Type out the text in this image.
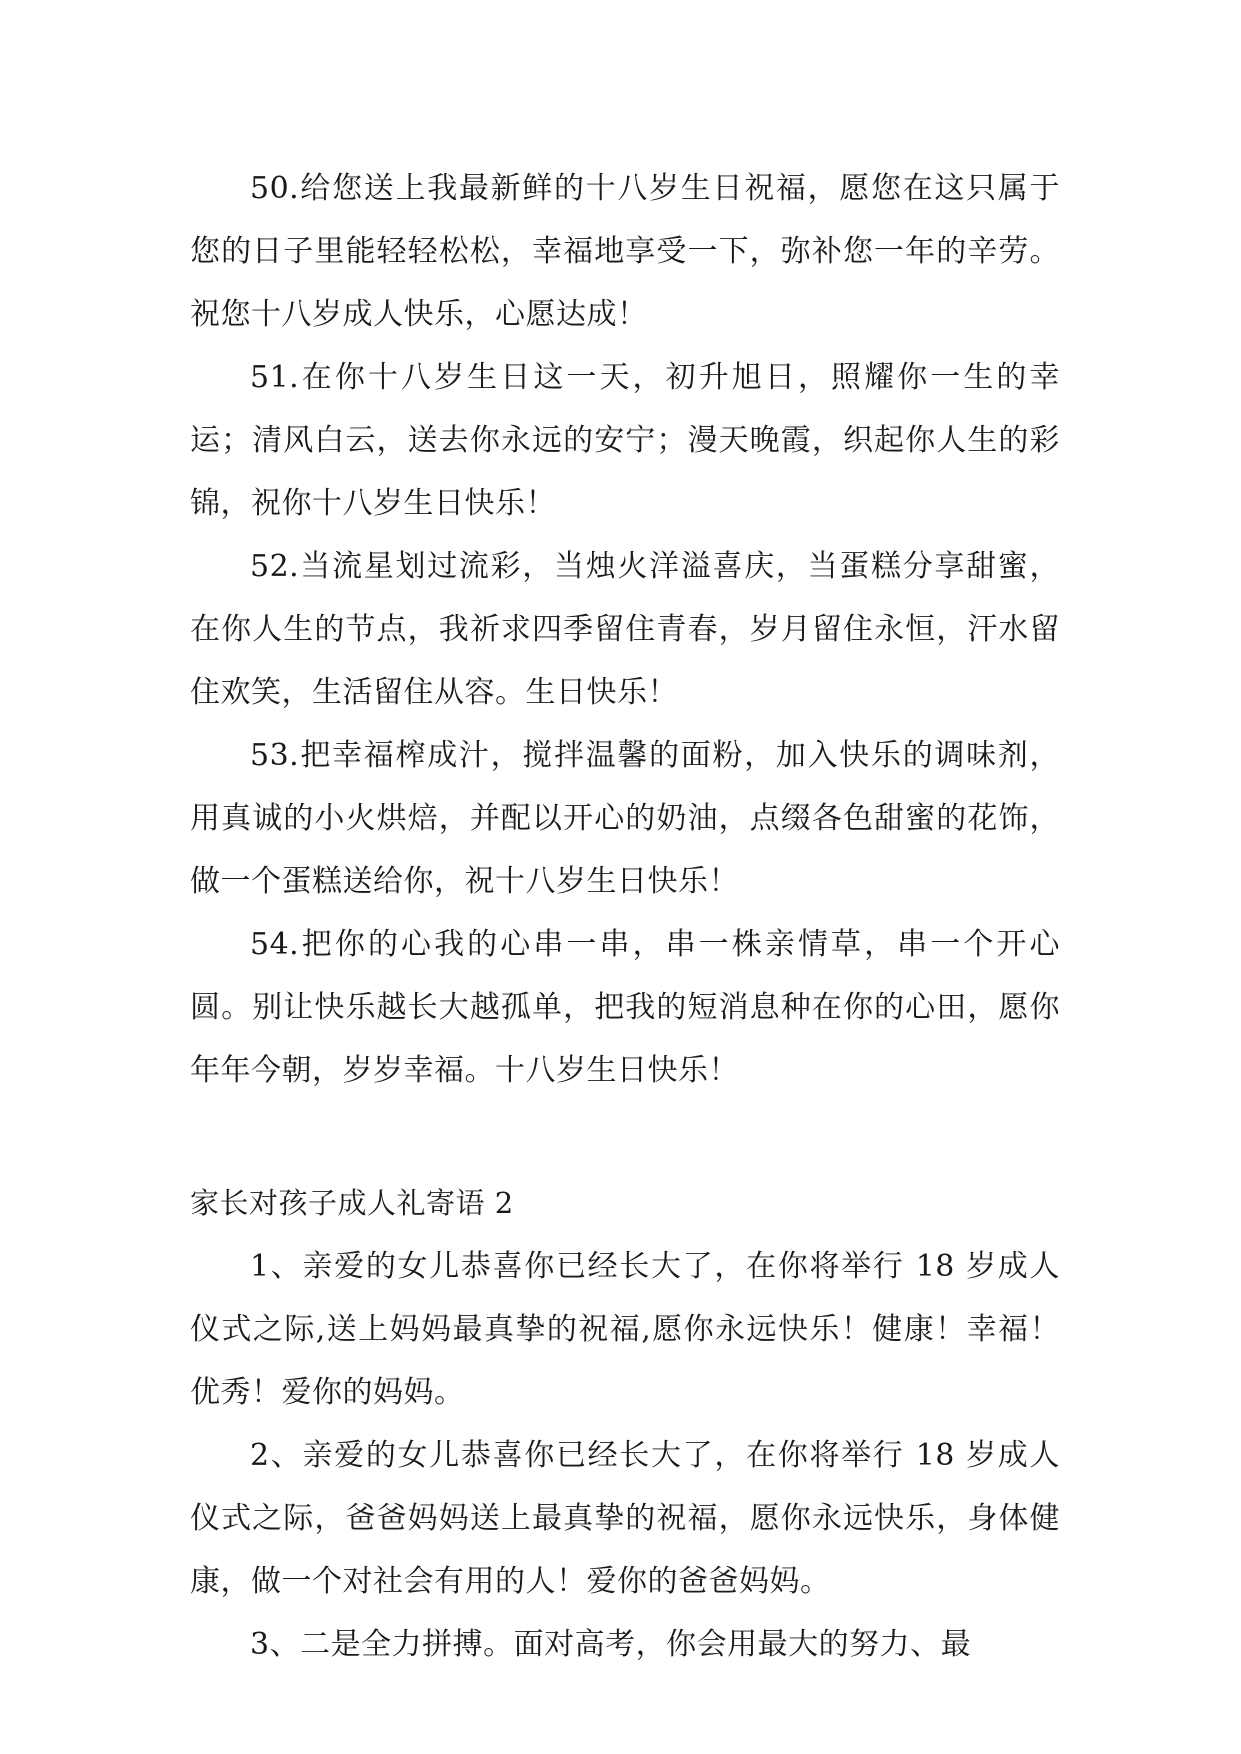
50.给您送上我最新鲜的十八岁生日祝福，愿您在这只属于您的日子里能轻轻松松，幸福地享受一下，弥补您一年的辛劳。祝您十八岁成人快乐，心愿达成！

51.在你十八岁生日这一天，初升旭日，照耀你一生的幸运；清风白云，送去你永远的安宁；漫天晚霞，织起你人生的彩锦，祝你十八岁生日快乐！

52.当流星划过流彩，当烛火洋溢喜庆，当蛋糕分享甜蜜，在你人生的节点，我祈求四季留住青春，岁月留住永恒，汗水留住欢笑，生活留住从容。生日快乐！

53.把幸福榨成汁，搅拌温馨的面粉，加入快乐的调味剂，用真诚的小火烘焙，并配以开心的奶油，点缀各色甜蜜的花饰，做一个蛋糕送给你，祝十八岁生日快乐！

54.把你的心我的心串一串，串一株亲情草，串一个开心圆。别让快乐越长大越孤单，把我的短消息种在你的心田，愿你年年今朝，岁岁幸福。十八岁生日快乐！

家长对孩子成人礼寄语 2

1、亲爱的女儿恭喜你已经长大了，在你将举行 18 岁成人仪式之际,送上妈妈最真挚的祝福,愿你永远快乐！健康！幸福！优秀！爱你的妈妈。

2、亲爱的女儿恭喜你已经长大了，在你将举行 18 岁成人仪式之际，爸爸妈妈送上最真挚的祝福，愿你永远快乐，身体健康，做一个对社会有用的人！爱你的爸爸妈妈。

3、二是全力拼搏。面对高考，你会用最大的努力、最
